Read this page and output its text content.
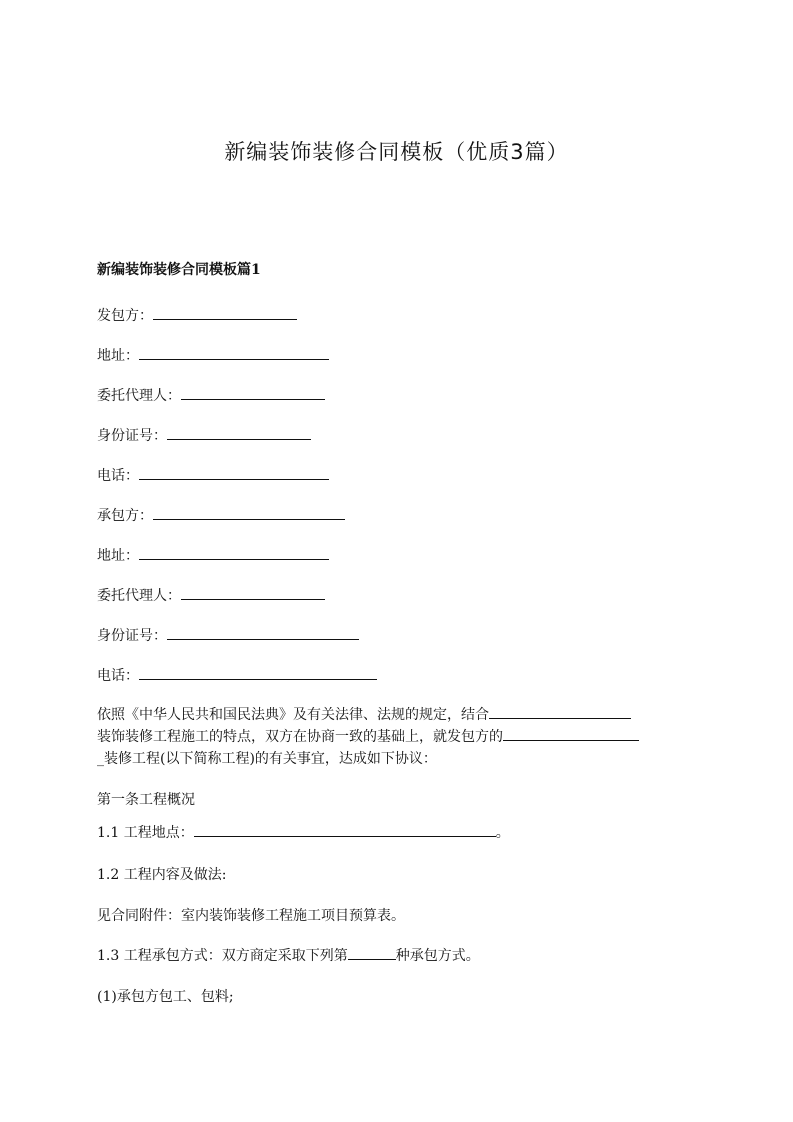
新编装饰装修合同模板（优质3篇）
新编装饰装修合同模板篇1
发包方：
地址：
委托代理人：
身份证号：
电话：
承包方：
地址：
委托代理人：
身份证号：
电话：
依照《中华人民共和国民法典》及有关法律、法规的规定，结合
装饰装修工程施工的特点，双方在协商一致的基础上，就发包方的
_装修工程(以下简称工程)的有关事宜，达成如下协议：
第一条工程概况
1.1 工程地点：	。
1.2 工程内容及做法:
见合同附件：室内装饰装修工程施工项目预算表。
1.3 工程承包方式：双方商定采取下列第	种承包方式。
(1)承包方包工、包料;
